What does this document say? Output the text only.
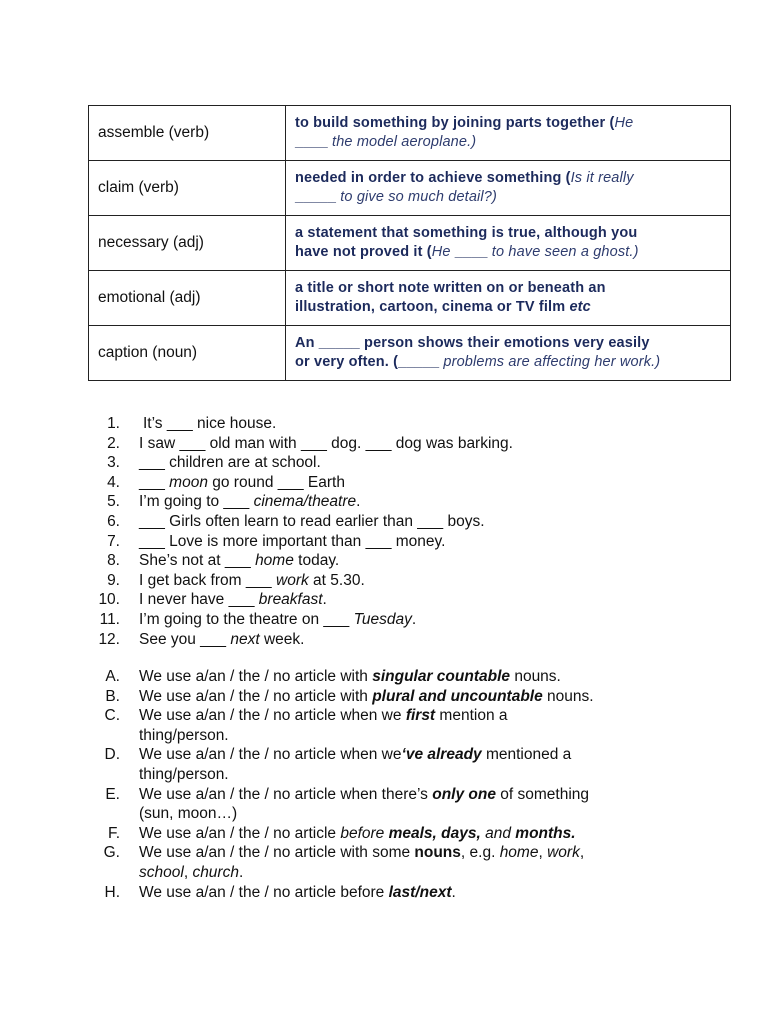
assemble (verb)	to build something by joining parts together (He
____ the model aeroplane.)
claim (verb)	needed in order to achieve something (Is it really
_____ to give so much detail?)
necessary (adj)	a statement that something is true, although you
have not proved it (He ____ to have seen a ghost.)
emotional (adj)	a title or short note written on or beneath an
illustration, cartoon, cinema or TV film etc
caption (noun)	An _____ person shows their emotions very easily
or very often. (_____ problems are affecting her work.)
1.	It’s ___ nice house.
2.	I saw ___ old man with ___ dog. ___ dog was barking.
3.	___ children are at school.
4.	___ moon go round ___ Earth
5.	I’m going to ___ cinema/theatre.
6.	___ Girls often learn to read earlier than ___ boys.
7.	___ Love is more important than ___ money.
8.	She’s not at ___ home today.
9.	I get back from ___ work at 5.30.
10.	I never have ___ breakfast.
11.	I’m going to the theatre on ___ Tuesday.
12.	See you ___ next week.
A.	We use a/an / the / no article with singular countable nouns.
B.	We use a/an / the / no article with plural and uncountable nouns.
C.	We use a/an / the / no article when we first mention a
thing/person.
D.	We use a/an / the / no article when we‘ve already mentioned a
thing/person.
E.	We use a/an / the / no article when there’s only one of something
(sun, moon…)
F.	We use a/an / the / no article before meals, days, and months.
G.	We use a/an / the / no article with some nouns, e.g. home, work,
school, church.
H.	We use a/an / the / no article before last/next.
